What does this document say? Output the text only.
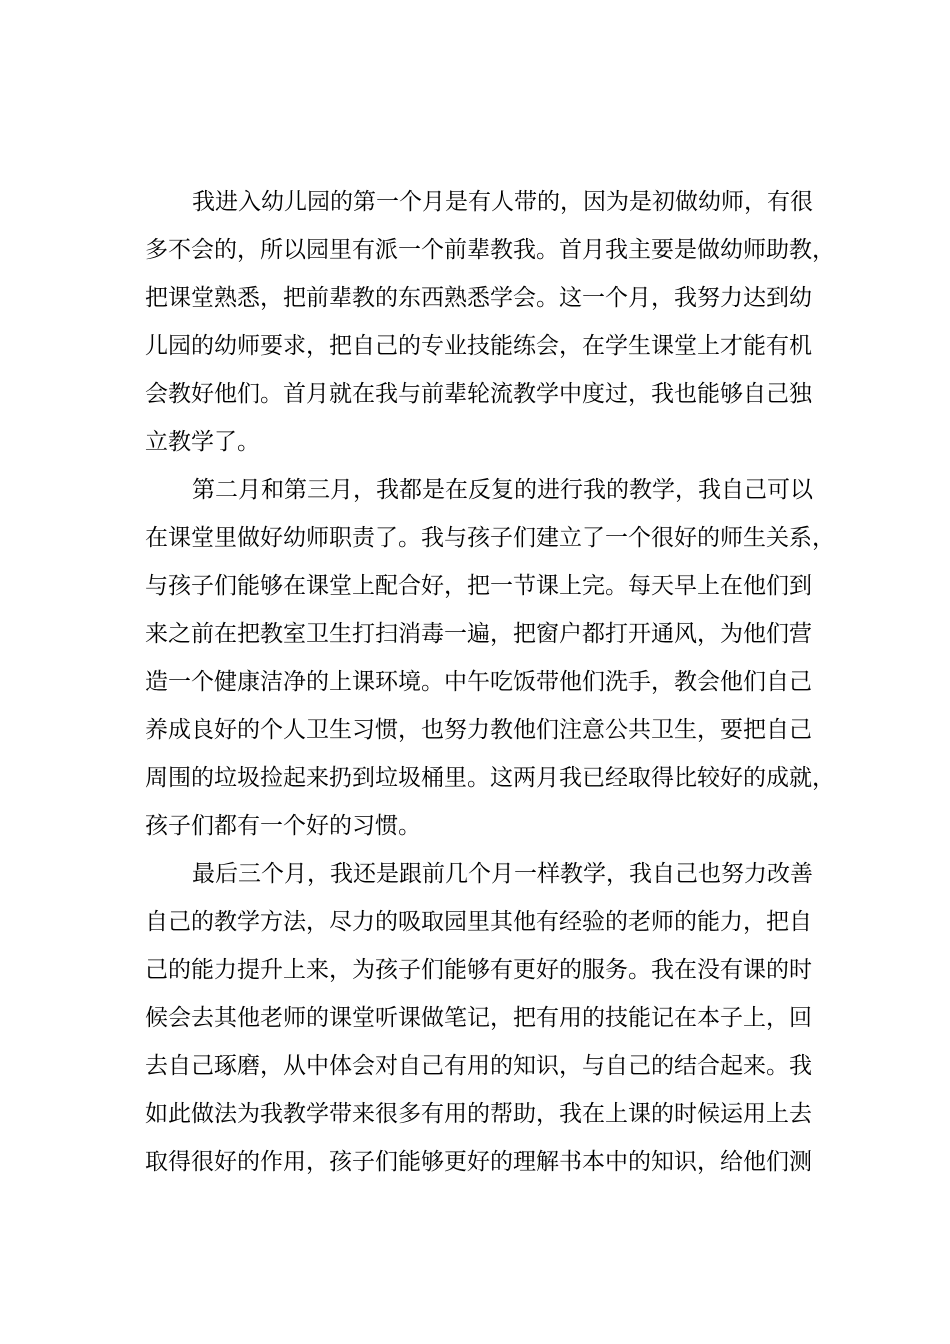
我进入幼儿园的第一个月是有人带的，因为是初做幼师，有很
多不会的，所以园里有派一个前辈教我。首月我主要是做幼师助教，
把课堂熟悉，把前辈教的东西熟悉学会。这一个月，我努力达到幼
儿园的幼师要求，把自己的专业技能练会，在学生课堂上才能有机
会教好他们。首月就在我与前辈轮流教学中度过，我也能够自己独
立教学了。
第二月和第三月，我都是在反复的进行我的教学，我自己可以
在课堂里做好幼师职责了。我与孩子们建立了一个很好的师生关系，
与孩子们能够在课堂上配合好，把一节课上完。每天早上在他们到
来之前在把教室卫生打扫消毒一遍，把窗户都打开通风，为他们营
造一个健康洁净的上课环境。中午吃饭带他们洗手，教会他们自己
养成良好的个人卫生习惯，也努力教他们注意公共卫生，要把自己
周围的垃圾捡起来扔到垃圾桶里。这两月我已经取得比较好的成就，
孩子们都有一个好的习惯。
最后三个月，我还是跟前几个月一样教学，我自己也努力改善
自己的教学方法，尽力的吸取园里其他有经验的老师的能力，把自
己的能力提升上来，为孩子们能够有更好的服务。我在没有课的时
候会去其他老师的课堂听课做笔记，把有用的技能记在本子上，回
去自己琢磨，从中体会对自己有用的知识，与自己的结合起来。我
如此做法为我教学带来很多有用的帮助，我在上课的时候运用上去
取得很好的作用，孩子们能够更好的理解书本中的知识，给他们测
